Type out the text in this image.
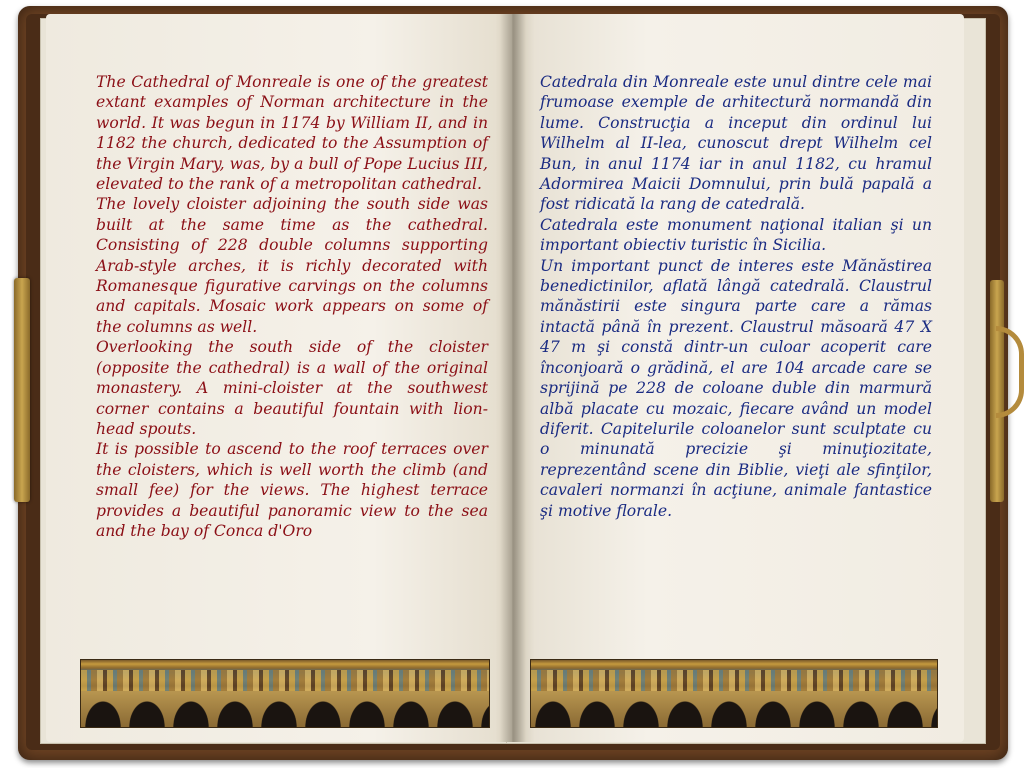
The Cathedral of Monreale is one of the greatest extant examples of Norman architecture in the world. It was begun in 1174 by William II, and in 1182 the church, dedicated to the Assumption of the Virgin Mary, was, by a bull of Pope Lucius III, elevated to the rank of a metropolitan cathedral.

The lovely cloister adjoining the south side was built at the same time as the cathedral. Consisting of 228 double columns supporting Arab-style arches, it is richly decorated with Romanesque figurative carvings on the columns and capitals. Mosaic work appears on some of the columns as well.

Overlooking the south side of the cloister (opposite the cathedral) is a wall of the original monastery. A mini-cloister at the southwest corner contains a beautiful fountain with lion-head spouts.

It is possible to ascend to the roof terraces over the cloisters, which is well worth the climb (and small fee) for the views. The highest terrace provides a beautiful panoramic view to the sea and the bay of Conca d'Oro

Catedrala din Monreale este unul dintre cele mai frumoase exemple de arhitectură normandă din lume. Construcţia a inceput din ordinul lui Wilhelm al II-lea, cunoscut drept Wilhelm cel Bun, in anul 1174 iar in anul 1182, cu hramul Adormirea Maicii Domnului, prin bulă papală a fost ridicată la rang de catedrală.

Catedrala este monument naţional italian şi un important obiectiv turistic în Sicilia.

Un important punct de interes este Mănăstirea benedictinilor, aflată lângă catedrală. Claustrul mănăstirii este singura parte care a rămas intactă până în prezent. Claustrul măsoară 47 X 47 m şi constă dintr-un culoar acoperit care înconjoară o grădină, el are 104 arcade care se sprijină pe 228 de coloane duble din marmură albă placate cu mozaic, fiecare având un model diferit. Capitelurile coloanelor sunt sculptate cu o minunată precizie şi minuţiozitate, reprezentând scene din Biblie, vieţi ale sfinţilor, cavaleri normanzi în acţiune, animale fantastice şi motive florale.
